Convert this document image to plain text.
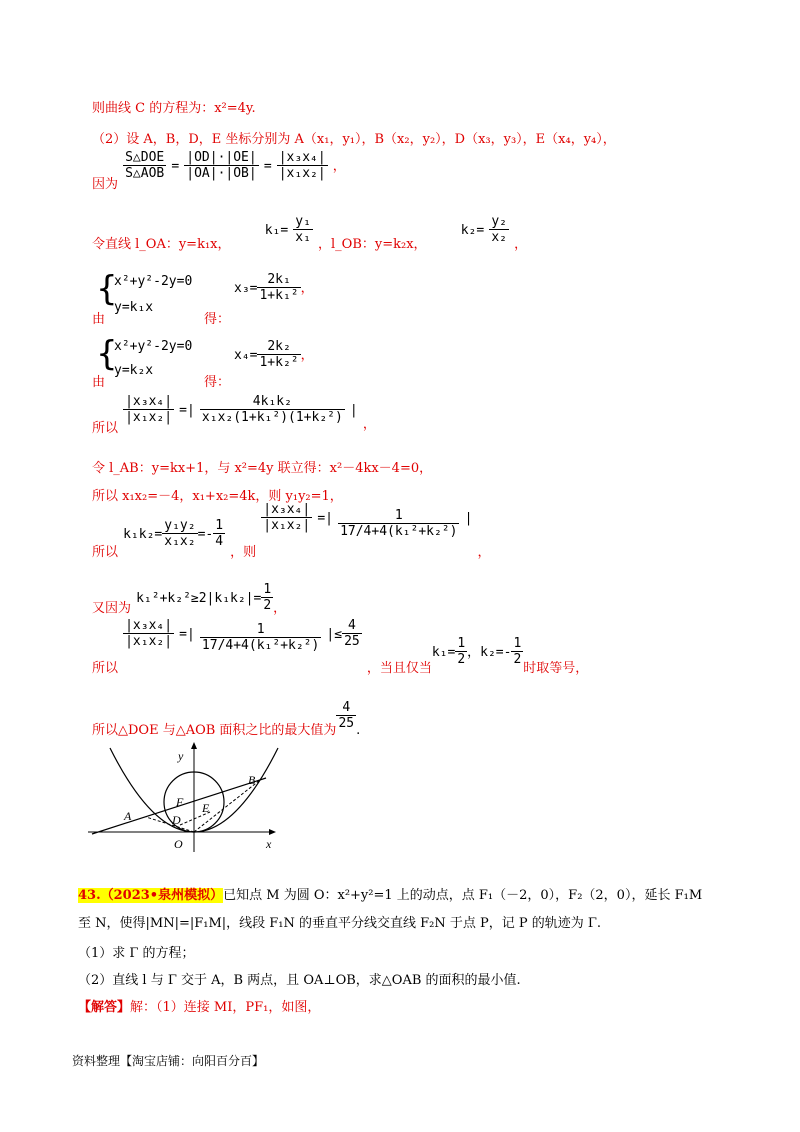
则曲线 C 的方程为：x²=4y.
（2）设 A，B，D，E 坐标分别为 A（x₁，y₁），B（x₂，y₂），D（x₃，y₃），E（x₄，y₄），
$_{因为}$
S△DOE
S△AOB = $\frac{|OD|\cdot|OE|}{|OA|\cdot|OB|} = \frac{\text{|x₃x₄|}}{\text{|x₁x₂|}}$ ，
$_{令直线 l\_OA:y=k_1x,}$  $k_1= \frac{\text{y₁}}{\text{x₁}} _{,l\_OB:y=k_2x,}$  $k_2= \frac{\text{y₂}}{\text{x₂}} _,$
由
{
x²+y²-2y=0
y=k₁x
得：
$x_3= \frac{\text{2k₁}}{\text{1+k₁²}}$ ，
由
{
x²+y²-2y=0
y=k₂x
得：
$x_4= \frac{\text{2k₂}}{\text{1+k₂²}}$ ，
$_{所以}$
$\frac{\text{|x₃x₄|}}{\text{|x₁x₂|}}$ =| $\frac{\text{4k₁k₂}}{\text{x₁x₂(1+k₁²)(1+k₂²)}}$ | $_,$
令 l_AB：y=kx+1，与 x²=4y 联立得：x²－4kx－4=0，
所以 x₁x₂=－4，x₁+x₂=4k，则 y₁y₂=1，
$_{所以}$ $_{k_1k_2=} \frac{\text{y₁y₂}}{\text{x₁x₂}} _{=-} \frac{1}{4}$
$_{,则}$
$\frac{\text{|x₃x₄|}}{\text{|x₁x₂|}} ^{=|} \frac{1}{\text{17/4+4(k₁²+k₂²)}} ^|$ $_,$
$_{又因为}$ $k_1^2+k_2^2\ge 2|k_1k_2|= \frac{1}{2} _,$
$_{所以}$
$\frac{\text{|x₃x₄|}}{\text{|x₁x₂|}} ^{=|} \frac{1}{\text{17/4+4(k₁²+k₂²)}} ^{|\le} \frac{4}{25}$
$_{,当且仅当k_1=} \frac{1}{2} _{,k_2=-} \frac{1}{2}$
$_{时取等号,}$
$_{所以\triangle DOE 与\triangle AOB 面积之比的最大值为} \frac{4}{25} _.$
y
x
O
A
B
D
E
F
43.（2023•泉州模拟）已知点 M 为圆 O：x²+y²=1 上的动点，点 F₁（－2，0），F₂（2，0），延长 F₁M
至 N，使得|MN|=|F₁M|，线段 F₁N 的垂直平分线交直线 F₂N 于点 P，记 P 的轨迹为 Γ.
（1）求 Γ 的方程；
（2）直线 l 与 Γ 交于 A，B 两点，且 OA⊥OB，求△OAB 的面积的最小值.
【解答】解：（1）连接 MI，PF₁，如图，
资料整理【淘宝店铺：向阳百分百】
